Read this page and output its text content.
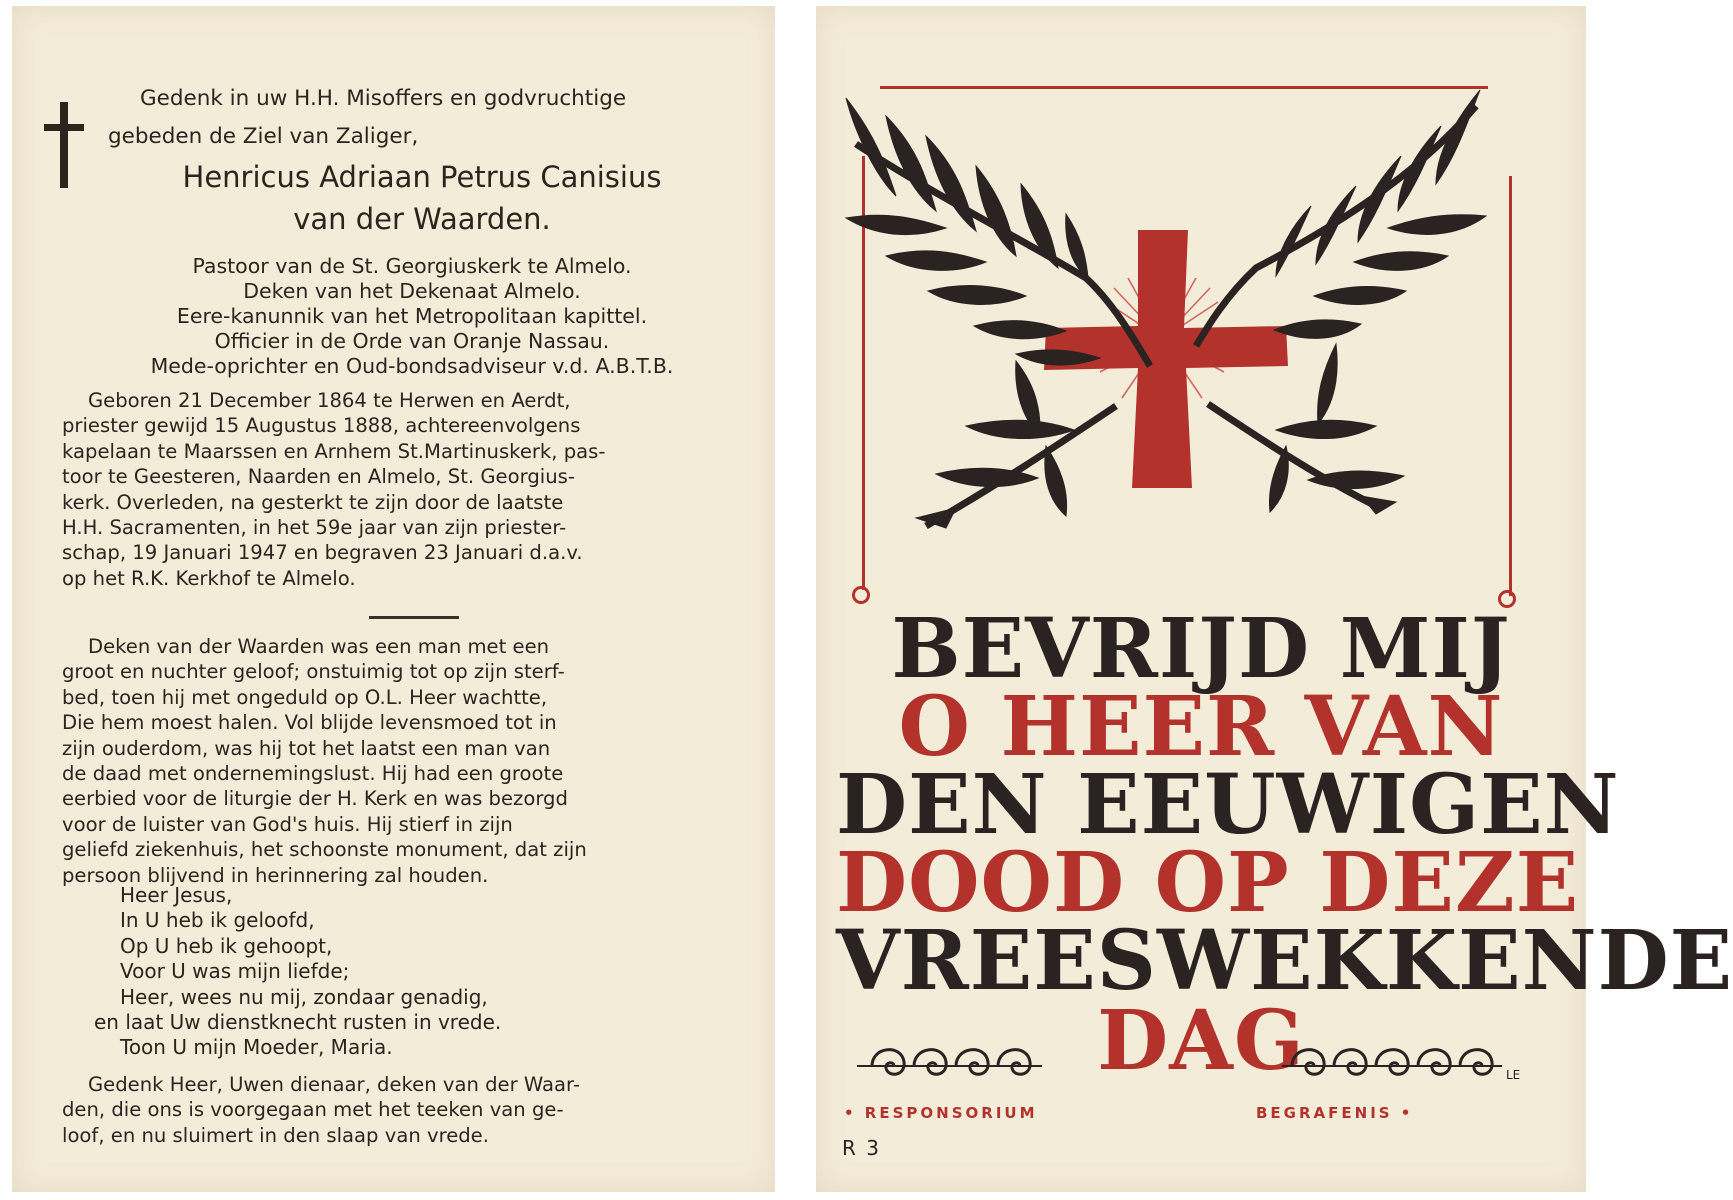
Gedenk in uw H.H. Misoffers en godvruchtige
gebeden de Ziel van Zaliger,

Henricus Adriaan Petrus Canisius
van der Waarden.
Pastoor van de St. Georgiuskerk te Almelo.
Deken van het Dekenaat Almelo.
Eere-kanunnik van het Metropolitaan kapittel.
Officier in de Orde van Oranje Nassau.
Mede-oprichter en Oud-bondsadviseur v.d. A.B.T.B.

Geboren 21 December 1864 te Herwen en Aerdt,
priester gewijd 15 Augustus 1888, achtereenvolgens
kapelaan te Maarssen en Arnhem St.Martinuskerk, pas-
toor te Geesteren, Naarden en Almelo, St. Georgius-
kerk. Overleden, na gesterkt te zijn door de laatste
H.H. Sacramenten, in het 59e jaar van zijn priester-
schap, 19 Januari 1947 en begraven 23 Januari d.a.v.
op het R.K. Kerkhof te Almelo.

Deken van der Waarden was een man met een
groot en nuchter geloof; onstuimig tot op zijn sterf-
bed, toen hij met ongeduld op O.L. Heer wachtte,
Die hem moest halen. Vol blijde levensmoed tot in
zijn ouderdom, was hij tot het laatst een man van
de daad met ondernemingslust. Hij had een groote
eerbied voor de liturgie der H. Kerk en was bezorgd
voor de luister van God's huis. Hij stierf in zijn
geliefd ziekenhuis, het schoonste monument, dat zijn
persoon blijvend in herinnering zal houden.

Heer Jesus,
In U heb ik geloofd,
Op U heb ik gehoopt,
Voor U was mijn liefde;
Heer, wees nu mij, zondaar genadig,
en laat Uw dienstknecht rusten in vrede.
Toon U mijn Moeder, Maria.

Gedenk Heer, Uwen dienaar, deken van der Waar-
den, die ons is voorgegaan met het teeken van ge-
loof, en nu sluimert in den slaap van vrede.

BEVRIJD MIJ
O HEER VAN
DEN EEUWIGEN
DOOD OP DEZE
VREESWEKKENDE
DAG	LE
• RESPONSORIUM	BEGRAFENIS •
R 3
